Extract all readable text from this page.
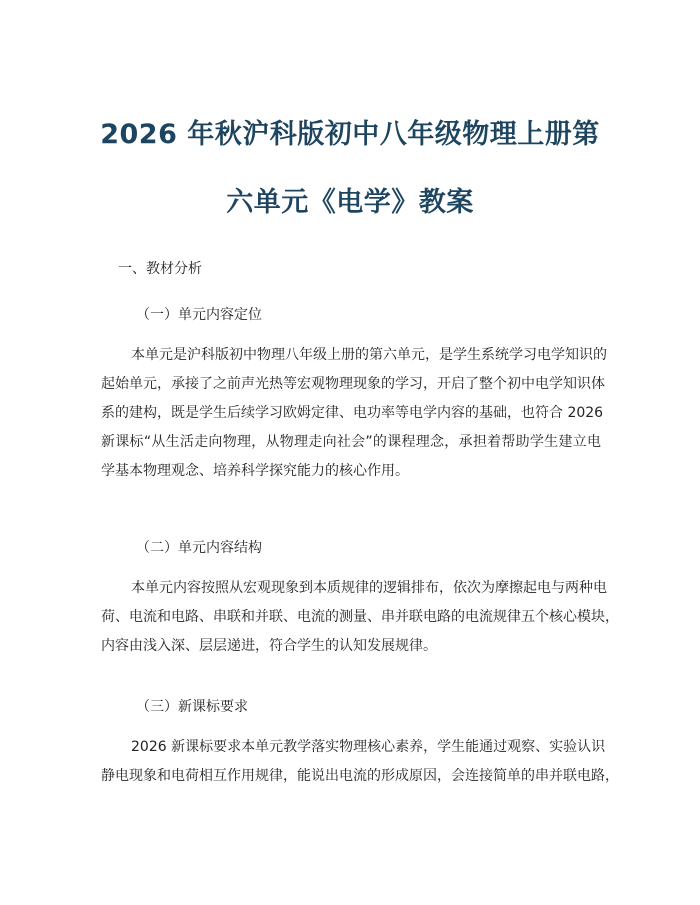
2026 年秋沪科版初中八年级物理上册第
六单元《电学》教案
一、教材分析
（一）单元内容定位
本单元是沪科版初中物理八年级上册的第六单元，是学生系统学习电学知识的
起始单元，承接了之前声光热等宏观物理现象的学习，开启了整个初中电学知识体
系的建构，既是学生后续学习欧姆定律、电功率等电学内容的基础，也符合 2026
新课标“从生活走向物理，从物理走向社会”的课程理念，承担着帮助学生建立电
学基本物理观念、培养科学探究能力的核心作用。
（二）单元内容结构
本单元内容按照从宏观现象到本质规律的逻辑排布，依次为摩擦起电与两种电
荷、电流和电路、串联和并联、电流的测量、串并联电路的电流规律五个核心模块，
内容由浅入深、层层递进，符合学生的认知发展规律。
（三）新课标要求
2026 新课标要求本单元教学落实物理核心素养，学生能通过观察、实验认识
静电现象和电荷相互作用规律，能说出电流的形成原因，会连接简单的串并联电路，
